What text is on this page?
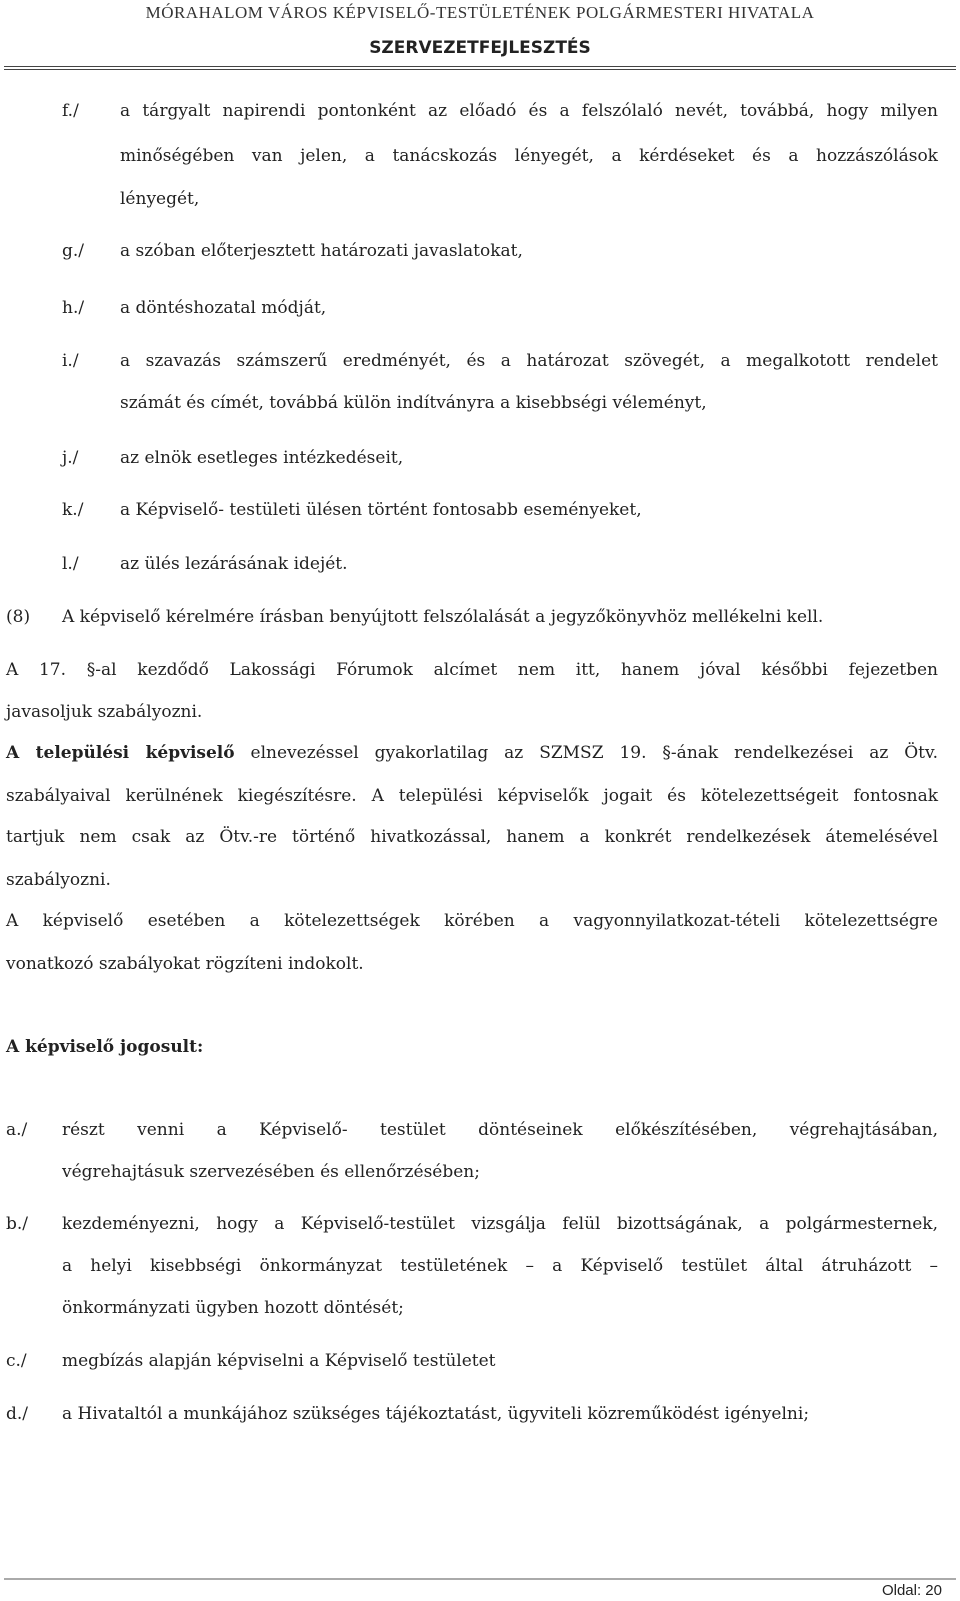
MÓRAHALOM VÁROS KÉPVISELŐ-TESTÜLETÉNEK POLGÁRMESTERI HIVATALA
SZERVEZETFEJLESZTÉS
f./ a tárgyalt napirendi pontonként az előadó és a felszólaló nevét, továbbá, hogy milyen
minőségében van jelen, a tanácskozás lényegét, a kérdéseket és a hozzászólások
lényegét,
g./ a szóban előterjesztett határozati javaslatokat,
h./ a döntéshozatal módját,
i./ a szavazás számszerű eredményét, és a határozat szövegét, a megalkotott rendelet
számát és címét, továbbá külön indítványra a kisebbségi véleményt,
j./ az elnök esetleges intézkedéseit,
k./ a Képviselő- testületi ülésen történt fontosabb eseményeket,
l./ az ülés lezárásának idejét.
(8) A képviselő kérelmére írásban benyújtott felszólalását a jegyzőkönyvhöz mellékelni kell.
A 17. §-al kezdődő Lakossági Fórumok alcímet nem itt, hanem jóval későbbi fejezetben
javasoljuk szabályozni.
A települési képviselő elnevezéssel gyakorlatilag az SZMSZ 19. §-ának rendelkezései az Ötv.
szabályaival kerülnének kiegészítésre. A települési képviselők jogait és kötelezettségeit fontosnak
tartjuk nem csak az Ötv.-re történő hivatkozással, hanem a konkrét rendelkezések átemelésével
szabályozni.
A képviselő esetében a kötelezettségek körében a vagyonnyilatkozat-tételi kötelezettségre
vonatkozó szabályokat rögzíteni indokolt.
A képviselő jogosult:
a./ részt venni a Képviselő- testület döntéseinek előkészítésében, végrehajtásában,
végrehajtásuk szervezésében és ellenőrzésében;
b./ kezdeményezni, hogy a Képviselő-testület vizsgálja felül bizottságának, a polgármesternek,
a helyi kisebbségi önkormányzat testületének – a Képviselő testület által átruházott –
önkormányzati ügyben hozott döntését;
c./ megbízás alapján képviselni a Képviselő testületet
d./ a Hivataltól a munkájához szükséges tájékoztatást, ügyviteli közreműködést igényelni;
Oldal: 20
